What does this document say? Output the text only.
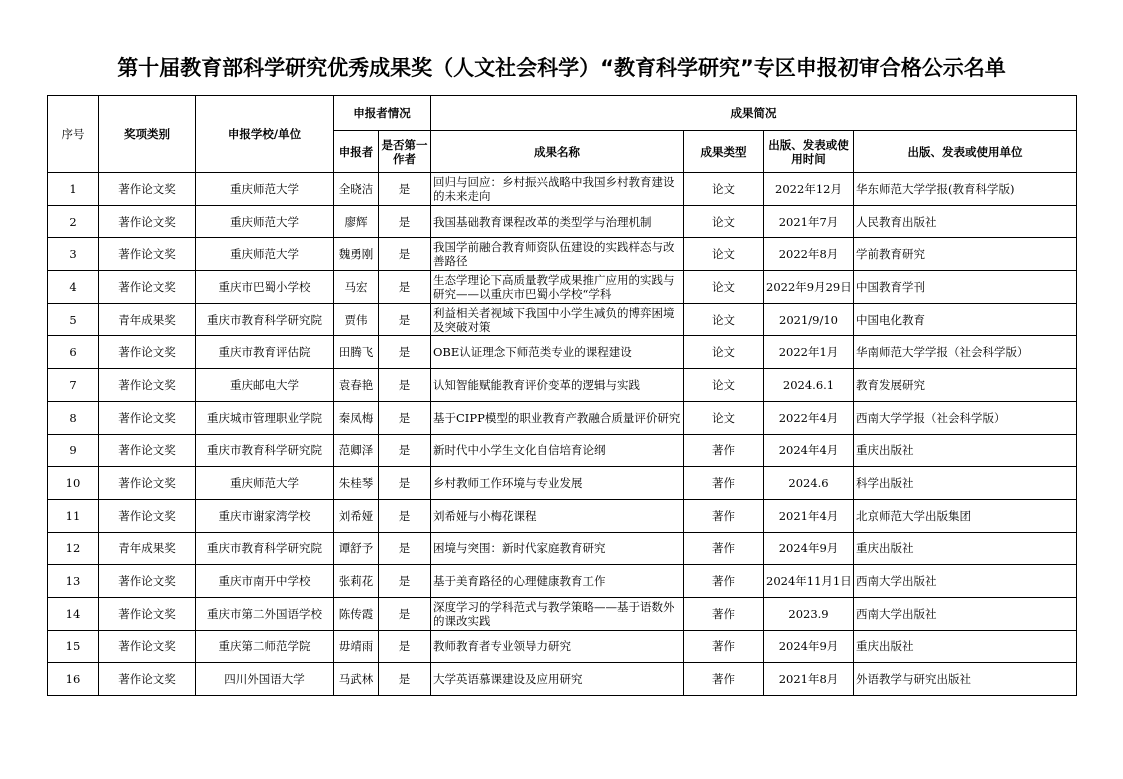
第十届教育部科学研究优秀成果奖（人文社会科学）“教育科学研究”专区申报初审合格公示名单
序号	奖项类别	申报学校/单位	申报者情况		成果简况			
			申报者	是否第一作者	成果名称	成果类型	出版、发表或使用时间	出版、发表或使用单位
1	著作论文奖	重庆师范大学	全晓洁	是	回归与回应：乡村振兴战略中我国乡村教育建设的未来走向	论文	2022年12月	华东师范大学学报(教育科学版)
2	著作论文奖	重庆师范大学	廖辉	是	我国基础教育课程改革的类型学与治理机制	论文	2021年7月	人民教育出版社
3	著作论文奖	重庆师范大学	魏勇刚	是	我国学前融合教育师资队伍建设的实践样态与改善路径	论文	2022年8月	学前教育研究
4	著作论文奖	重庆市巴蜀小学校	马宏	是	生态学理论下高质量教学成果推广应用的实践与研究——以重庆市巴蜀小学校“学科	论文	2022年9月29日	中国教育学刊
5	青年成果奖	重庆市教育科学研究院	贾伟	是	利益相关者视域下我国中小学生减负的博弈困境及突破对策	论文	2021/9/10	中国电化教育
6	著作论文奖	重庆市教育评估院	田腾飞	是	OBE认证理念下师范类专业的课程建设	论文	2022年1月	华南师范大学学报（社会科学版）
7	著作论文奖	重庆邮电大学	袁春艳	是	认知智能赋能教育评价变革的逻辑与实践	论文	2024.6.1	教育发展研究
8	著作论文奖	重庆城市管理职业学院	秦凤梅	是	基于CIPP模型的职业教育产教融合质量评价研究	论文	2022年4月	西南大学学报（社会科学版）
9	著作论文奖	重庆市教育科学研究院	范卿泽	是	新时代中小学生文化自信培育论纲	著作	2024年4月	重庆出版社
10	著作论文奖	重庆师范大学	朱桂琴	是	乡村教师工作环境与专业发展	著作	2024.6	科学出版社
11	著作论文奖	重庆市谢家湾学校	刘希娅	是	刘希娅与小梅花课程	著作	2021年4月	北京师范大学出版集团
12	青年成果奖	重庆市教育科学研究院	谭舒予	是	困境与突围：新时代家庭教育研究	著作	2024年9月	重庆出版社
13	著作论文奖	重庆市南开中学校	张莉花	是	基于美育路径的心理健康教育工作	著作	2024年11月1日	西南大学出版社
14	著作论文奖	重庆市第二外国语学校	陈传霞	是	深度学习的学科范式与教学策略——基于语数外的课改实践	著作	2023.9	西南大学出版社
15	著作论文奖	重庆第二师范学院	毋靖雨	是	教师教育者专业领导力研究	著作	2024年9月	重庆出版社
16	著作论文奖	四川外国语大学	马武林	是	大学英语慕课建设及应用研究	著作	2021年8月	外语教学与研究出版社
